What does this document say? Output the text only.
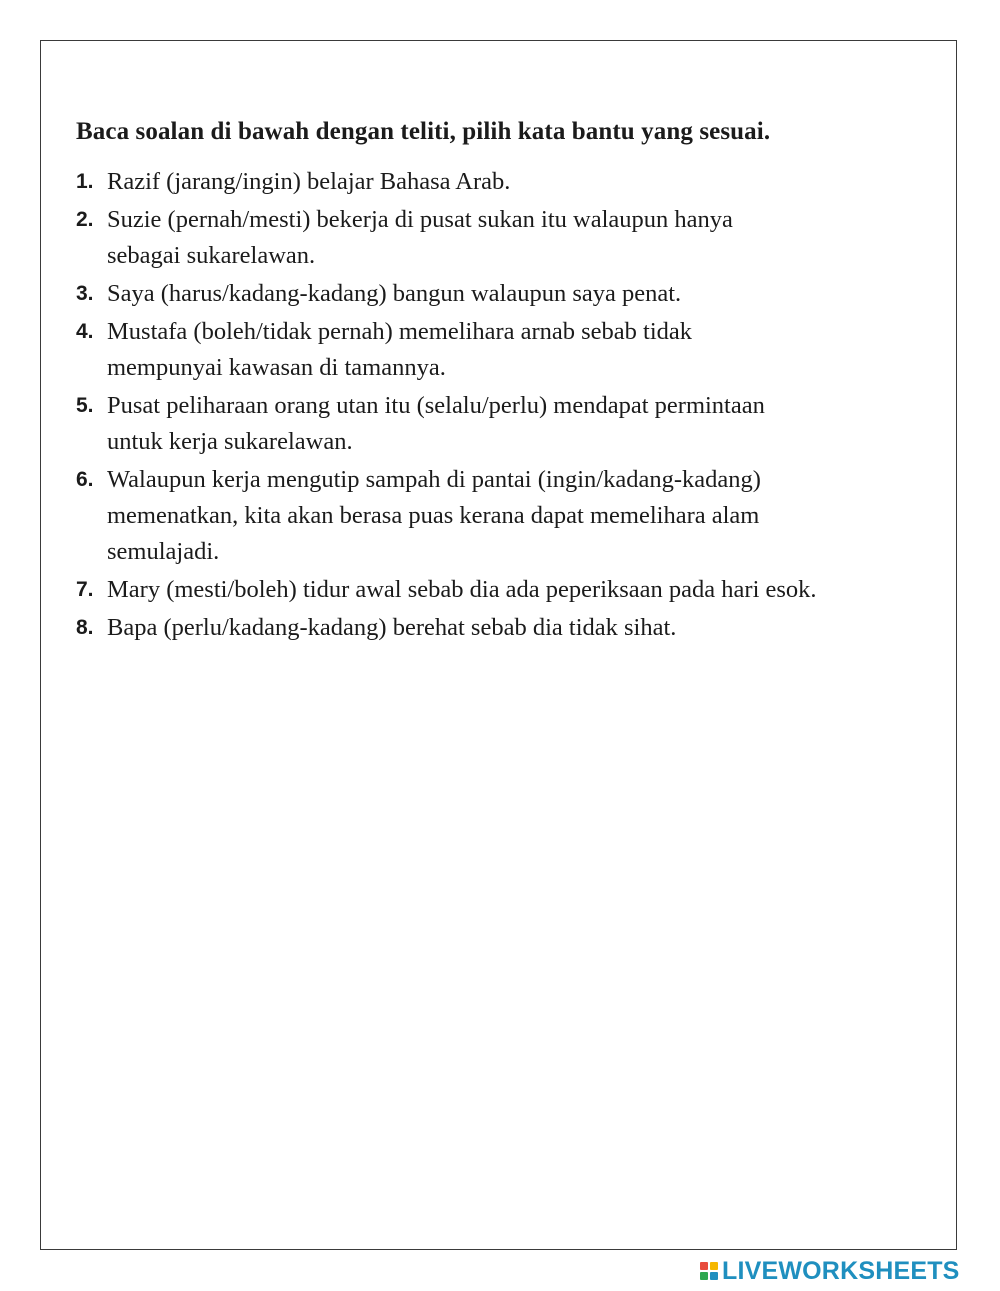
Baca soalan di bawah dengan teliti, pilih kata bantu yang sesuai.
1. Razif (jarang/ingin) belajar Bahasa Arab.
2. Suzie (pernah/mesti) bekerja di pusat sukan itu walaupun hanya
sebagai sukarelawan.
3. Saya (harus/kadang-kadang) bangun walaupun saya penat.
4. Mustafa (boleh/tidak pernah) memelihara arnab sebab tidak
mempunyai kawasan di tamannya.
5. Pusat peliharaan orang utan itu (selalu/perlu) mendapat permintaan
untuk kerja sukarelawan.
6. Walaupun kerja mengutip sampah di pantai (ingin/kadang-kadang)
memenatkan, kita akan berasa puas kerana dapat memelihara alam
semulajadi.
7. Mary (mesti/boleh) tidur awal sebab dia ada peperiksaan pada hari esok.
8. Bapa (perlu/kadang-kadang) berehat sebab dia tidak sihat.
LIVEWORKSHEETS
